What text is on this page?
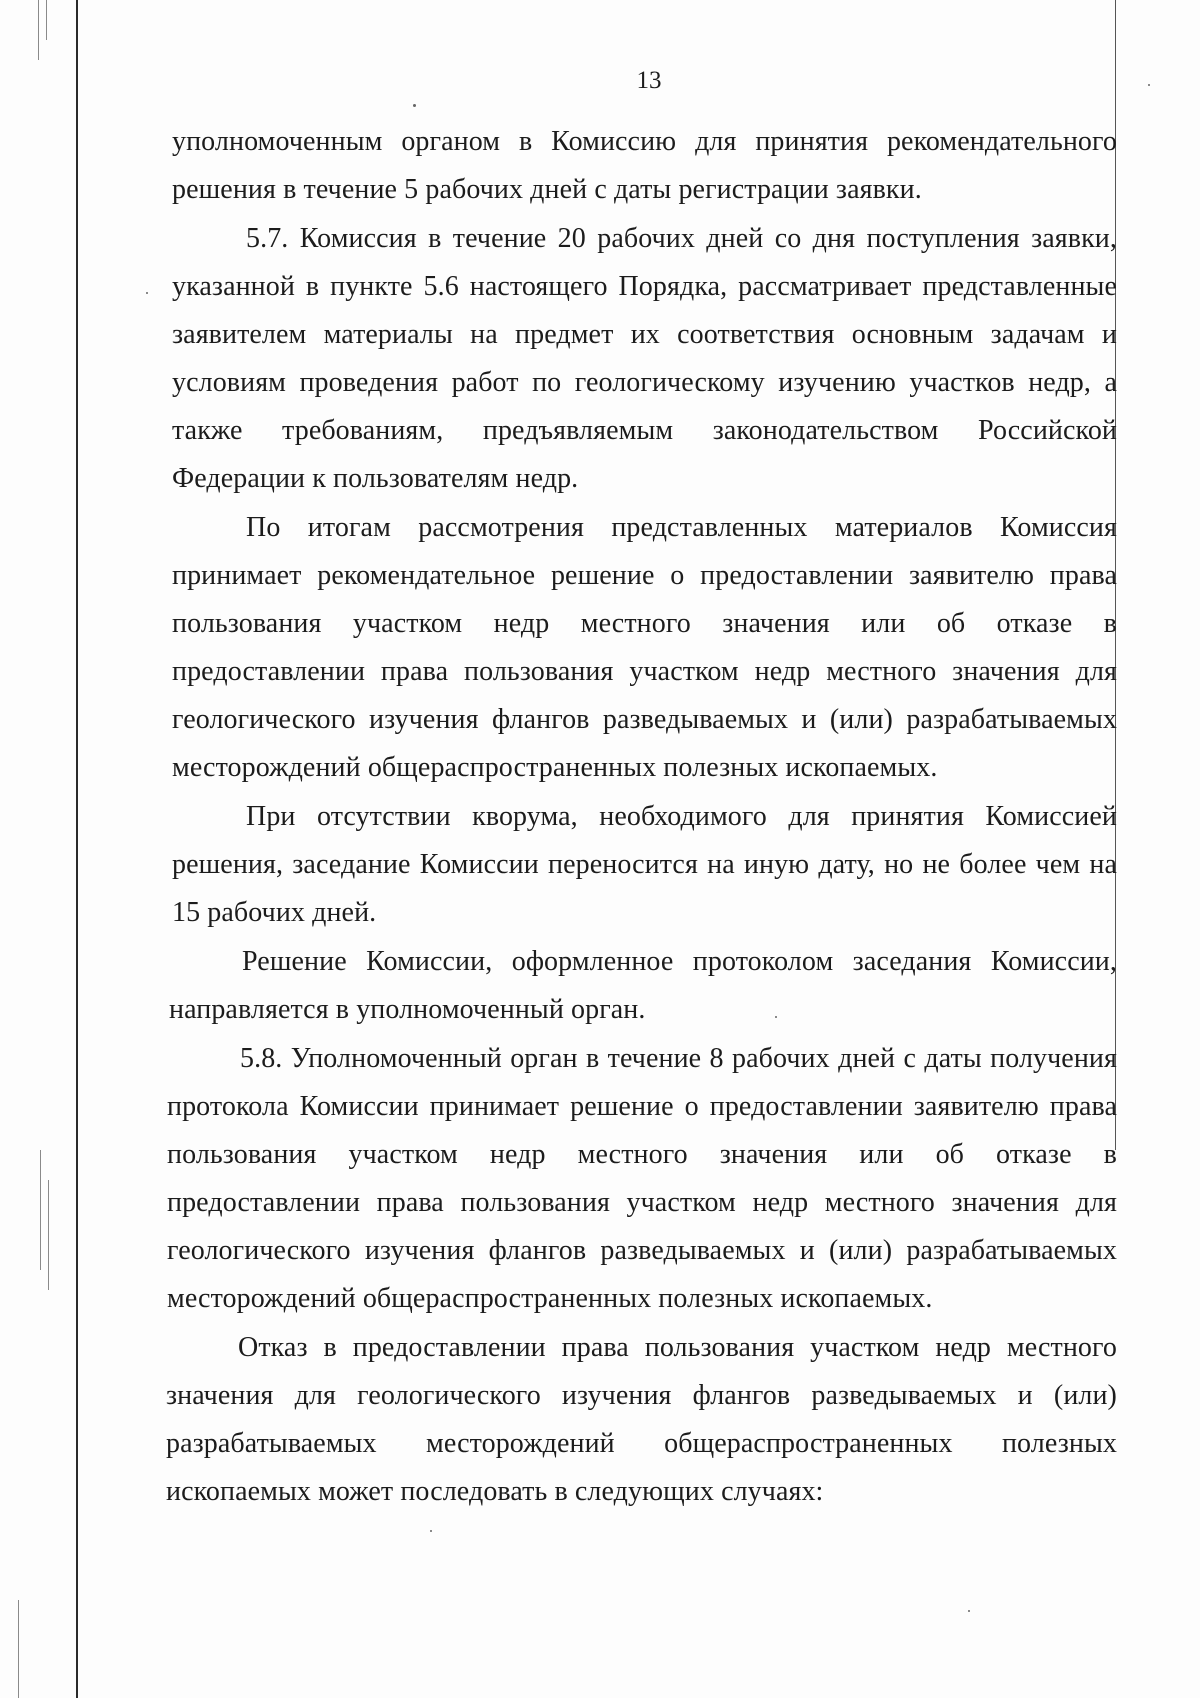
13
уполномоченным органом в Комиссию для принятия рекомендательного
решения в течение 5 рабочих дней с даты регистрации заявки.
5.7. Комиссия в течение 20 рабочих дней со дня поступления заявки,
указанной в пункте 5.6 настоящего Порядка, рассматривает представленные
заявителем материалы на предмет их соответствия основным задачам и
условиям проведения работ по геологическому изучению участков недр, а
также требованиям, предъявляемым законодательством Российской
Федерации к пользователям недр.
По итогам рассмотрения представленных материалов Комиссия
принимает рекомендательное решение о предоставлении заявителю права
пользования участком недр местного значения или об отказе в
предоставлении права пользования участком недр местного значения для
геологического изучения флангов разведываемых и (или) разрабатываемых
месторождений общераспространенных полезных ископаемых.
При отсутствии кворума, необходимого для принятия Комиссией
решения, заседание Комиссии переносится на иную дату, но не более чем на
15 рабочих дней.
Решение Комиссии, оформленное протоколом заседания Комиссии,
направляется в уполномоченный орган.
5.8. Уполномоченный орган в течение 8 рабочих дней с даты получения
протокола Комиссии принимает решение о предоставлении заявителю права
пользования участком недр местного значения или об отказе в
предоставлении права пользования участком недр местного значения для
геологического изучения флангов разведываемых и (или) разрабатываемых
месторождений общераспространенных полезных ископаемых.
Отказ в предоставлении права пользования участком недр местного
значения для геологического изучения флангов разведываемых и (или)
разрабатываемых месторождений общераспространенных полезных
ископаемых может последовать в следующих случаях:
